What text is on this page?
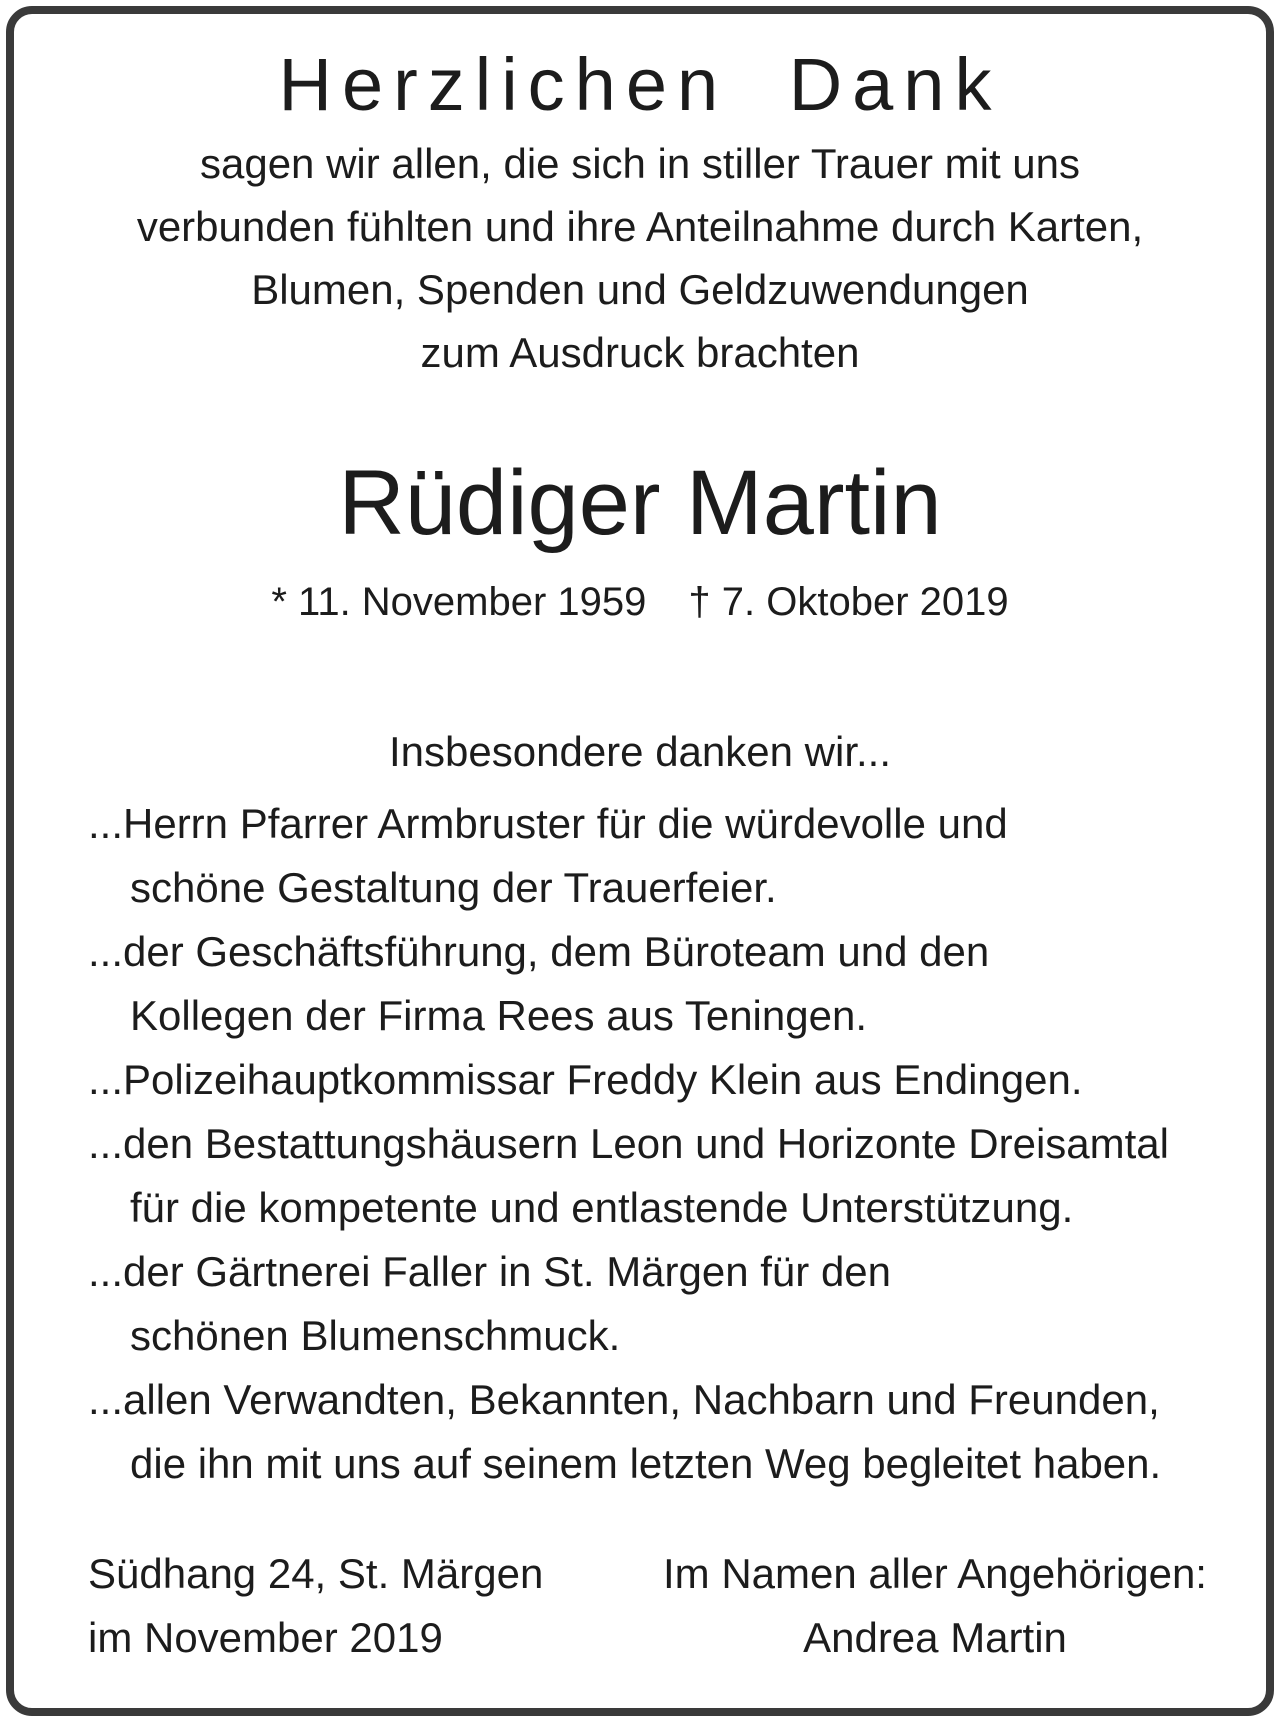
Herzlichen Dank
sagen wir allen, die sich in stiller Trauer mit uns
verbunden fühlten und ihre Anteilnahme durch Karten,
Blumen, Spenden und Geldzuwendungen
zum Ausdruck brachten
Rüdiger Martin
* 11. November 1959 † 7. Oktober 2019
Insbesondere danken wir...
...Herrn Pfarrer Armbruster für die würdevolle und
schöne Gestaltung der Trauerfeier.
...der Geschäftsführung, dem Büroteam und den
Kollegen der Firma Rees aus Teningen.
...Polizeihauptkommissar Freddy Klein aus Endingen.
...den Bestattungshäusern Leon und Horizonte Dreisamtal
für die kompetente und entlastende Unterstützung.
...der Gärtnerei Faller in St. Märgen für den
schönen Blumenschmuck.
...allen Verwandten, Bekannten, Nachbarn und Freunden,
die ihn mit uns auf seinem letzten Weg begleitet haben.
Südhang 24, St. Märgen
im November 2019
Im Namen aller Angehörigen:
Andrea Martin
